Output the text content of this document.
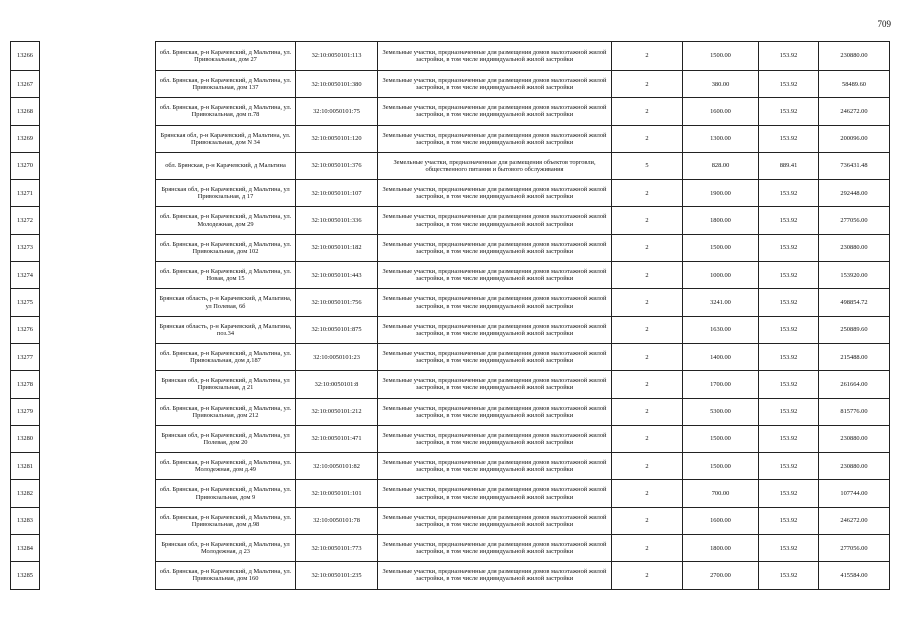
709
13266		обл. Брянская, р-н Карачевский, д Мальтина, ул. Привокзальная, дом 27	32:10:0050101:113	Земельные участки, предназначенные для размещения домов малоэтажной жилой застройки, в том числе индивидуальной жилой застройки	2	1500.00	153.92	230880.00
13267		обл. Брянская, р-н Карачевский, д Мальтина, ул. Привокзальная, дом 137	32:10:0050101:380	Земельные участки, предназначенные для размещения домов малоэтажной жилой застройки, в том числе индивидуальной жилой застройки	2	380.00	153.92	58489.60
13268		обл. Брянская, р-н Карачевский, д Мальтина, ул. Привокзальная, дом п.78	32:10:0050101:75	Земельные участки, предназначенные для размещения домов малоэтажной жилой застройки, в том числе индивидуальной жилой застройки	2	1600.00	153.92	246272.00
13269		Брянская обл, р-н Карачевский, д Мальтина, ул. Привокзальная, дом N 34	32:10:0050101:120	Земельные участки, предназначенные для размещения домов малоэтажной жилой застройки, в том числе индивидуальной жилой застройки	2	1300.00	153.92	200096.00
13270		обл. Брянская, р-н Карачевский, д Мальтина	32:10:0050101:376	Земельные участки, предназначенные для размещения объектов торговли, общественного питания и бытового обслуживания	5	828.00	889.41	736431.48
13271		Брянская обл, р-н Карачевский, д Мальтина, ул Привокзальная, д 17	32:10:0050101:107	Земельные участки, предназначенные для размещения домов малоэтажной жилой застройки, в том числе индивидуальной жилой застройки	2	1900.00	153.92	292448.00
13272		обл. Брянская, р-н Карачевский, д Мальтина, ул. Молодежная, дом 29	32:10:0050101:336	Земельные участки, предназначенные для размещения домов малоэтажной жилой застройки, в том числе индивидуальной жилой застройки	2	1800.00	153.92	277056.00
13273		обл. Брянская, р-н Карачевский, д Мальтина, ул. Привокзальная, дом 102	32:10:0050101:182	Земельные участки, предназначенные для размещения домов малоэтажной жилой застройки, в том числе индивидуальной жилой застройки	2	1500.00	153.92	230880.00
13274		обл. Брянская, р-н Карачевский, д Мальтина, ул. Новая, дом 15	32:10:0050101:443	Земельные участки, предназначенные для размещения домов малоэтажной жилой застройки, в том числе индивидуальной жилой застройки	2	1000.00	153.92	153920.00
13275		Брянская область, р-н Карачевский, д Мальтина, ул Полевая, 6б	32:10:0050101:756	Земельные участки, предназначенные для размещения домов малоэтажной жилой застройки, в том числе индивидуальной жилой застройки	2	3241.00	153.92	498854.72
13276		Брянская область, р-н Карачевский, д Мальтина, поз.34	32:10:0050101:875	Земельные участки, предназначенные для размещения домов малоэтажной жилой застройки, в том числе индивидуальной жилой застройки	2	1630.00	153.92	250889.60
13277		обл. Брянская, р-н Карачевский, д Мальтина, ул. Привокзальная, дом д.187	32:10:0050101:23	Земельные участки, предназначенные для размещения домов малоэтажной жилой застройки, в том числе индивидуальной жилой застройки	2	1400.00	153.92	215488.00
13278		Брянская обл, р-н Карачевский, д Мальтина, ул Привокзальная, д 21	32:10:0050101:8	Земельные участки, предназначенные для размещения домов малоэтажной жилой застройки, в том числе индивидуальной жилой застройки	2	1700.00	153.92	261664.00
13279		обл. Брянская, р-н Карачевский, д Мальтина, ул. Привокзальная, дом 212	32:10:0050101:212	Земельные участки, предназначенные для размещения домов малоэтажной жилой застройки, в том числе индивидуальной жилой застройки	2	5300.00	153.92	815776.00
13280		Брянская обл, р-н Карачевский, д Мальтина, ул Полевая, дом 20	32:10:0050101:471	Земельные участки, предназначенные для размещения домов малоэтажной жилой застройки, в том числе индивидуальной жилой застройки	2	1500.00	153.92	230880.00
13281		обл. Брянская, р-н Карачевский, д Мальтина, ул. Молодежная, дом д.49	32:10:0050101:82	Земельные участки, предназначенные для размещения домов малоэтажной жилой застройки, в том числе индивидуальной жилой застройки	2	1500.00	153.92	230880.00
13282		обл. Брянская, р-н Карачевский, д Мальтина, ул. Привокзальная, дом 9	32:10:0050101:101	Земельные участки, предназначенные для размещения домов малоэтажной жилой застройки, в том числе индивидуальной жилой застройки	2	700.00	153.92	107744.00
13283		обл. Брянская, р-н Карачевский, д Мальтина, ул. Привокзальная, дом д.98	32:10:0050101:78	Земельные участки, предназначенные для размещения домов малоэтажной жилой застройки, в том числе индивидуальной жилой застройки	2	1600.00	153.92	246272.00
13284		Брянская обл, р-н Карачевский, д Мальтина, ул Молодежная, д 23	32:10:0050101:773	Земельные участки, предназначенные для размещения домов малоэтажной жилой застройки, в том числе индивидуальной жилой застройки	2	1800.00	153.92	277056.00
13285		обл. Брянская, р-н Карачевский, д Мальтина, ул. Привокзальная, дом 160	32:10:0050101:235	Земельные участки, предназначенные для размещения домов малоэтажной жилой застройки, в том числе индивидуальной жилой застройки	2	2700.00	153.92	415584.00
